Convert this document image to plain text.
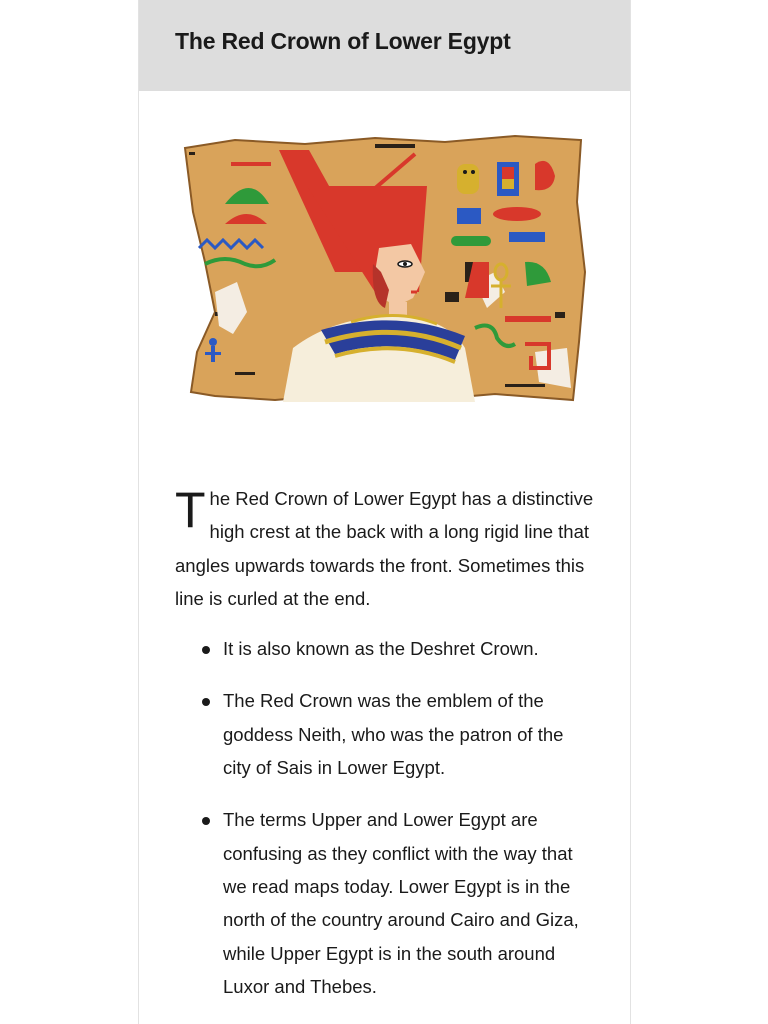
The Red Crown of Lower Egypt

The Red Crown of Lower Egypt has a distinctive high crest at the back with a long rigid line that angles upwards towards the front. Sometimes this line is curled at the end.

It is also known as the Deshret Crown.
The Red Crown was the emblem of the goddess Neith, who was the patron of the city of Sais in Lower Egypt.
The terms Upper and Lower Egypt are confusing as they conflict with the way that we read maps today. Lower Egypt is in the north of the country around Cairo and Giza, while Upper Egypt is in the south around Luxor and Thebes.
